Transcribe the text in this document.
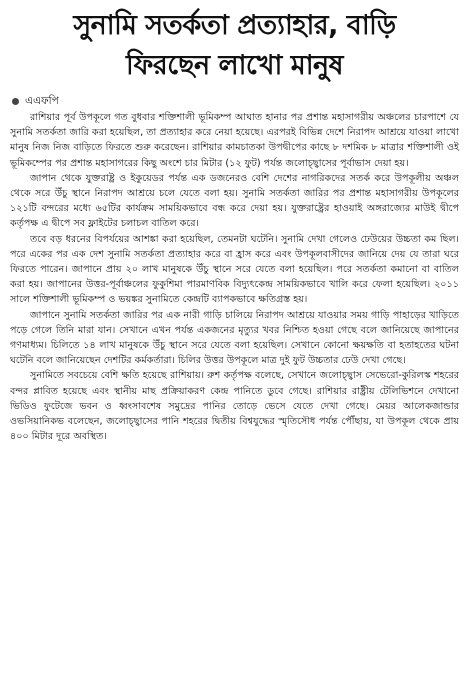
সুনামি সতর্কতা প্রত্যাহার, বাড়ি
ফিরছেন লাখো মানুষ
এএফপি

রাশিয়ার পূর্ব উপকূলে গত বুধবার শক্তিশালী ভূমিকম্প আঘাত হানার পর প্রশান্ত মহাসাগরীয় অঞ্চলের চারপাশে যে সুনামি সতর্কতা জারি করা হয়েছিল, তা প্রত্যাহার করে নেয়া হয়েছে। এরপরই বিভিন্ন দেশে নিরাপদ আশ্রয়ে যাওয়া লাখো মানুষ নিজ নিজ বাড়িতে ফিরতে শুরু করেছেন। রাশিয়ার কামচাতকা উপদ্বীপের কাছে ৮ দশমিক ৮ মাত্রার শক্তিশালী ওই ভূমিকম্পের পর প্রশান্ত মহাসাগরের কিছু অংশে চার মিটার (১২ ফুট) পর্যন্ত জলোচ্ছ্বাসের পূর্বাভাস দেয়া হয়।

জাপান থেকে যুক্তরাষ্ট্র ও ইকুয়েডর পর্যন্ত এক ডজনেরও বেশি দেশের নাগরিকদের সতর্ক করে উপকূলীয় অঞ্চল থেকে সরে উঁচু স্থানে নিরাপদ আশ্রয়ে চলে যেতে বলা হয়। সুনামি সতর্কতা জারির পর প্রশান্ত মহাসাগরীয় উপকূলের ১২১টি বন্দরের মধ্যে ৬৫টির কার্যক্রম সাময়িকভাবে বন্ধ করে দেয়া হয়। যুক্তরাষ্ট্রের হাওয়াই অঙ্গরাজ্যের মাউই দ্বীপে কর্তৃপক্ষ এ দ্বীপে সব ফ্লাইটের চলাচল বাতিল করে।

তবে বড় ধরনের বিপর্যয়ের আশঙ্কা করা হয়েছিল, তেমনটা ঘটেনি। সুনামি দেখা গেলেও ঢেউয়ের উচ্চতা কম ছিল। পরে একের পর এক দেশ সুনামি সতর্কতা প্রত্যাহার করে বা হ্রাস করে এবং উপকূলবাসীদের জানিয়ে দেয় যে তারা ঘরে ফিরতে পারেন। জাপানে প্রায় ২০ লাখ মানুষকে উঁচু স্থানে সরে যেতে বলা হয়েছিল। পরে সতর্কতা কমানো বা বাতিল করা হয়। জাপানের উত্তর-পূর্বাঞ্চলের ফুকুশিমা পারমাণবিক বিদ্যুৎকেন্দ্র সাময়িকভাবে খালি করে ফেলা হয়েছিল। ২০১১ সালে শক্তিশালী ভূমিকম্প ও ভয়ঙ্কর সুনামিতে কেন্দ্রটি ব্যাপকভাবে ক্ষতিগ্রস্ত হয়।

জাপানে সুনামি সতর্কতা জারির পর এক নারী গাড়ি চালিয়ে নিরাপদ আশ্রয়ে যাওয়ার সময় গাড়ি পাহাড়ের খাড়িতে পড়ে গেলে তিনি মারা যান। সেখানে এখন পর্যন্ত একজনের মৃত্যুর খবর নিশ্চিত হওয়া গেছে বলে জানিয়েছে জাপানের গণমাধ্যম। চিলিতে ১৪ লাখ মানুষকে উঁচু স্থানে সরে যেতে বলা হয়েছিল। সেখানে কোনো ক্ষয়ক্ষতি বা হতাহতের ঘটনা ঘটেনি বলে জানিয়েছেন দেশটির কর্মকর্তারা। চিলির উত্তর উপকূলে মাত্র দুই ফুট উচ্চতার ঢেউ দেখা গেছে।

সুনামিতে সবচেয়ে বেশি ক্ষতি হয়েছে রাশিয়ায়। রুশ কর্তৃপক্ষ বলেছে, সেখানে জলোচ্ছ্বাস সেভেরো-কুরিলস্ক শহরের বন্দর প্লাবিত হয়েছে এবং স্থানীয় মাছ প্রক্রিয়াকরণ কেন্দ্র পানিতে ডুবে গেছে। রাশিয়ার রাষ্ট্রীয় টেলিভিশনে দেখানো ভিডিও ফুটেজে ভবন ও ধ্বংসাবশেষ সমুদ্রের পানির তোড়ে ভেসে যেতে দেখা গেছে। মেয়র আলেকজান্ডার ওভসিয়ানিকভ বলেছেন, জলোচ্ছ্বাসের পানি শহরের দ্বিতীয় বিশ্বযুদ্ধের স্মৃতিসৌধ পর্যন্ত পৌঁছায়, যা উপকূল থেকে প্রায় ৪০০ মিটার দূরে অবস্থিত।
